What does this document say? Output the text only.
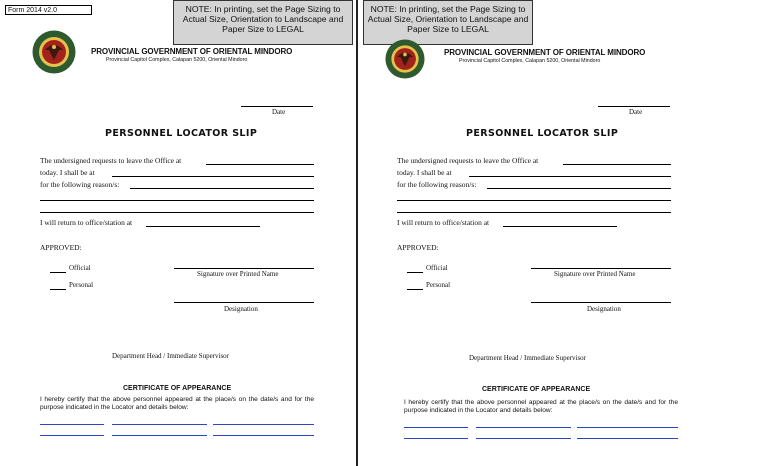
Form 2014 v2.0	NOTE: In printing, set the Page Sizing to Actual Size, Orientation to Landscape and Paper Size to LEGAL
PROVINCIAL GOVERNMENT OF ORIENTAL MINDORO
Provincial Capitol Complex, Calapan 5200, Oriental Mindoro
Date
PERSONNEL LOCATOR SLIP
The undersigned requests to leave the Office at
today. I shall be at
for the following reason/s:
I will return to office/station at
APPROVED:
Official
Personal
Signature over Printed Name
Designation
Department Head / Immediate Supervisor
CERTIFICATE OF APPEARANCE
I hereby certify that the above personnel appeared at the place/s on the date/s and for the purpose indicated in the Locator and details below:
NOTE: In printing, set the Page Sizing to Actual Size, Orientation to Landscape and Paper Size to LEGAL
PROVINCIAL GOVERNMENT OF ORIENTAL MINDORO
Provincial Capitol Complex, Calapan 5200, Oriental Mindoro
Date
PERSONNEL LOCATOR SLIP
The undersigned requests to leave the Office at
today. I shall be at
for the following reason/s:
I will return to office/station at
APPROVED:
Official
Personal
Signature over Printed Name
Designation
Department Head / Immediate Supervisor
CERTIFICATE OF APPEARANCE
I hereby certify that the above personnel appeared at the place/s on the date/s and for the purpose indicated in the Locator and details below:
